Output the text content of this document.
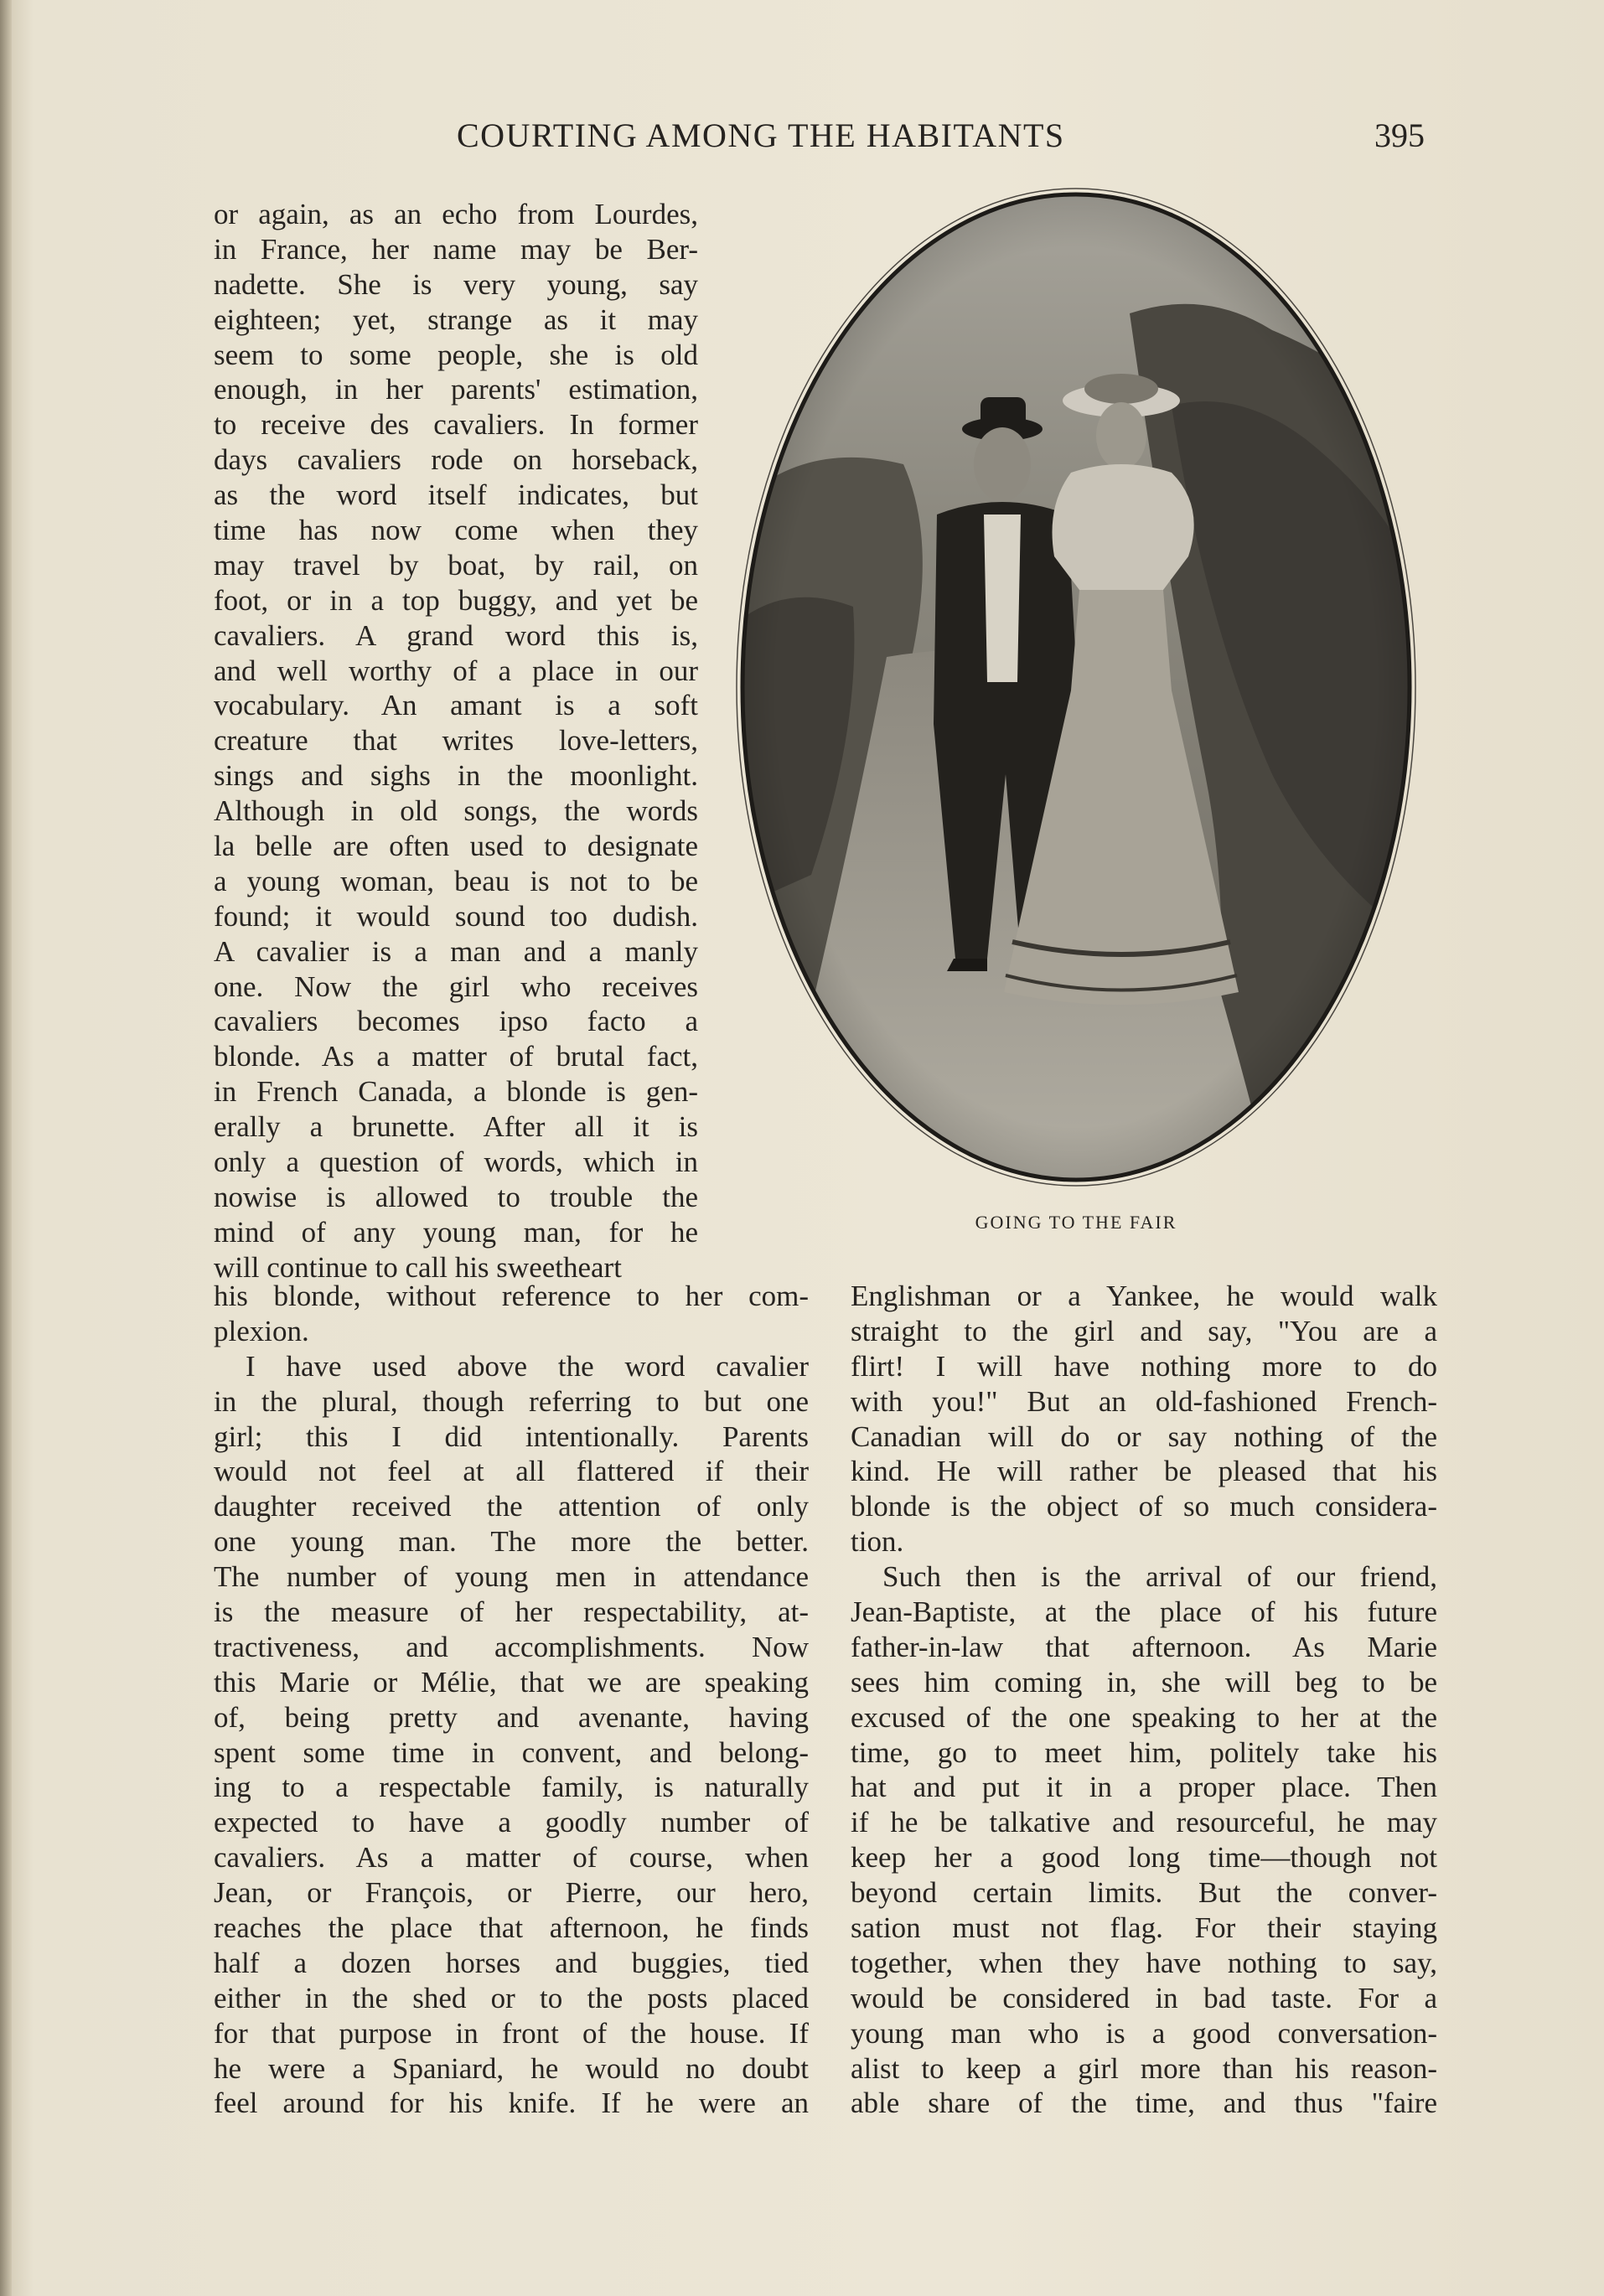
COURTING AMONG THE HABITANTS	395
or again, as an echo from Lourdes,
in France, her name may be Ber-
nadette. She is very young, say
eighteen; yet, strange as it may
seem to some people, she is old
enough, in her parents' estimation,
to receive des cavaliers. In former
days cavaliers rode on horseback,
as the word itself indicates, but
time has now come when they
may travel by boat, by rail, on
foot, or in a top buggy, and yet be
cavaliers. A grand word this is,
and well worthy of a place in our
vocabulary. An amant is a soft
creature that writes love-letters,
sings and sighs in the moonlight.
Although in old songs, the words
la belle are often used to designate
a young woman, beau is not to be
found; it would sound too dudish.
A cavalier is a man and a manly
one. Now the girl who receives
cavaliers becomes ipso facto a
blonde. As a matter of brutal fact,
in French Canada, a blonde is gen-
erally a brunette. After all it is
only a question of words, which in
nowise is allowed to trouble the
mind of any young man, for he
will continue to call his sweetheart
GOING TO THE FAIR
his blonde, without reference to her com-
plexion.
I have used above the word cavalier
in the plural, though referring to but one
girl; this I did intentionally. Parents
would not feel at all flattered if their
daughter received the attention of only
one young man. The more the better.
The number of young men in attendance
is the measure of her respectability, at-
tractiveness, and accomplishments. Now
this Marie or Mélie, that we are speaking
of, being pretty and avenante, having
spent some time in convent, and belong-
ing to a respectable family, is naturally
expected to have a goodly number of
cavaliers. As a matter of course, when
Jean, or François, or Pierre, our hero,
reaches the place that afternoon, he finds
half a dozen horses and buggies, tied
either in the shed or to the posts placed
for that purpose in front of the house. If
he were a Spaniard, he would no doubt
feel around for his knife. If he were an
Englishman or a Yankee, he would walk
straight to the girl and say, "You are a
flirt! I will have nothing more to do
with you!" But an old-fashioned French-
Canadian will do or say nothing of the
kind. He will rather be pleased that his
blonde is the object of so much considera-
tion.
Such then is the arrival of our friend,
Jean-Baptiste, at the place of his future
father-in-law that afternoon. As Marie
sees him coming in, she will beg to be
excused of the one speaking to her at the
time, go to meet him, politely take his
hat and put it in a proper place. Then
if he be talkative and resourceful, he may
keep her a good long time—though not
beyond certain limits. But the conver-
sation must not flag. For their staying
together, when they have nothing to say,
would be considered in bad taste. For a
young man who is a good conversation-
alist to keep a girl more than his reason-
able share of the time, and thus "faire
